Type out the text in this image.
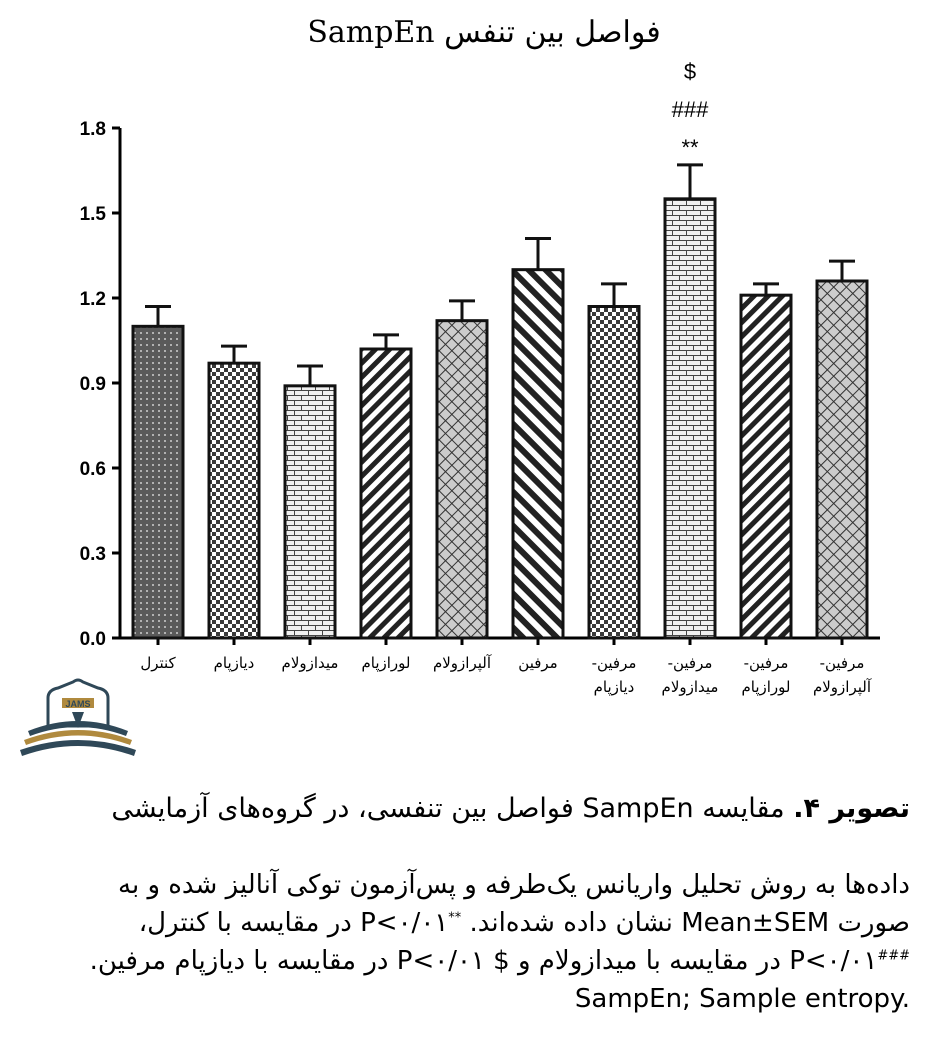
SampEn فواصل بین تنفس
0.0
0.3
0.6
0.9
1.2
1.5
1.8
$
###
**
کنترل	دیازپام میدازولام لورازپام آلپرازولام مرفین مرفین-
دیازپام
مرفین-
میدازولام
مرفین-
لورازپام
مرفین-
آلپرازولام
JAMS
تصویر ۴. مقایسه SampEn فواصل بین تنفسی، در گروه‌های آزمایشی
داده‌ها به روش تحلیل واریانس یک‌طرفه و پس‌آزمون توکی آنالیز شده و به
صورت Mean±SEM نشان داده شده‌اند. **P<۰/۰۱ در مقایسه با کنترل،
###P<۰/۰۱ در مقایسه با میدازولام و $ P<۰/۰۱ در مقایسه با دیازپام مرفین.
SampEn; Sample entropy.
